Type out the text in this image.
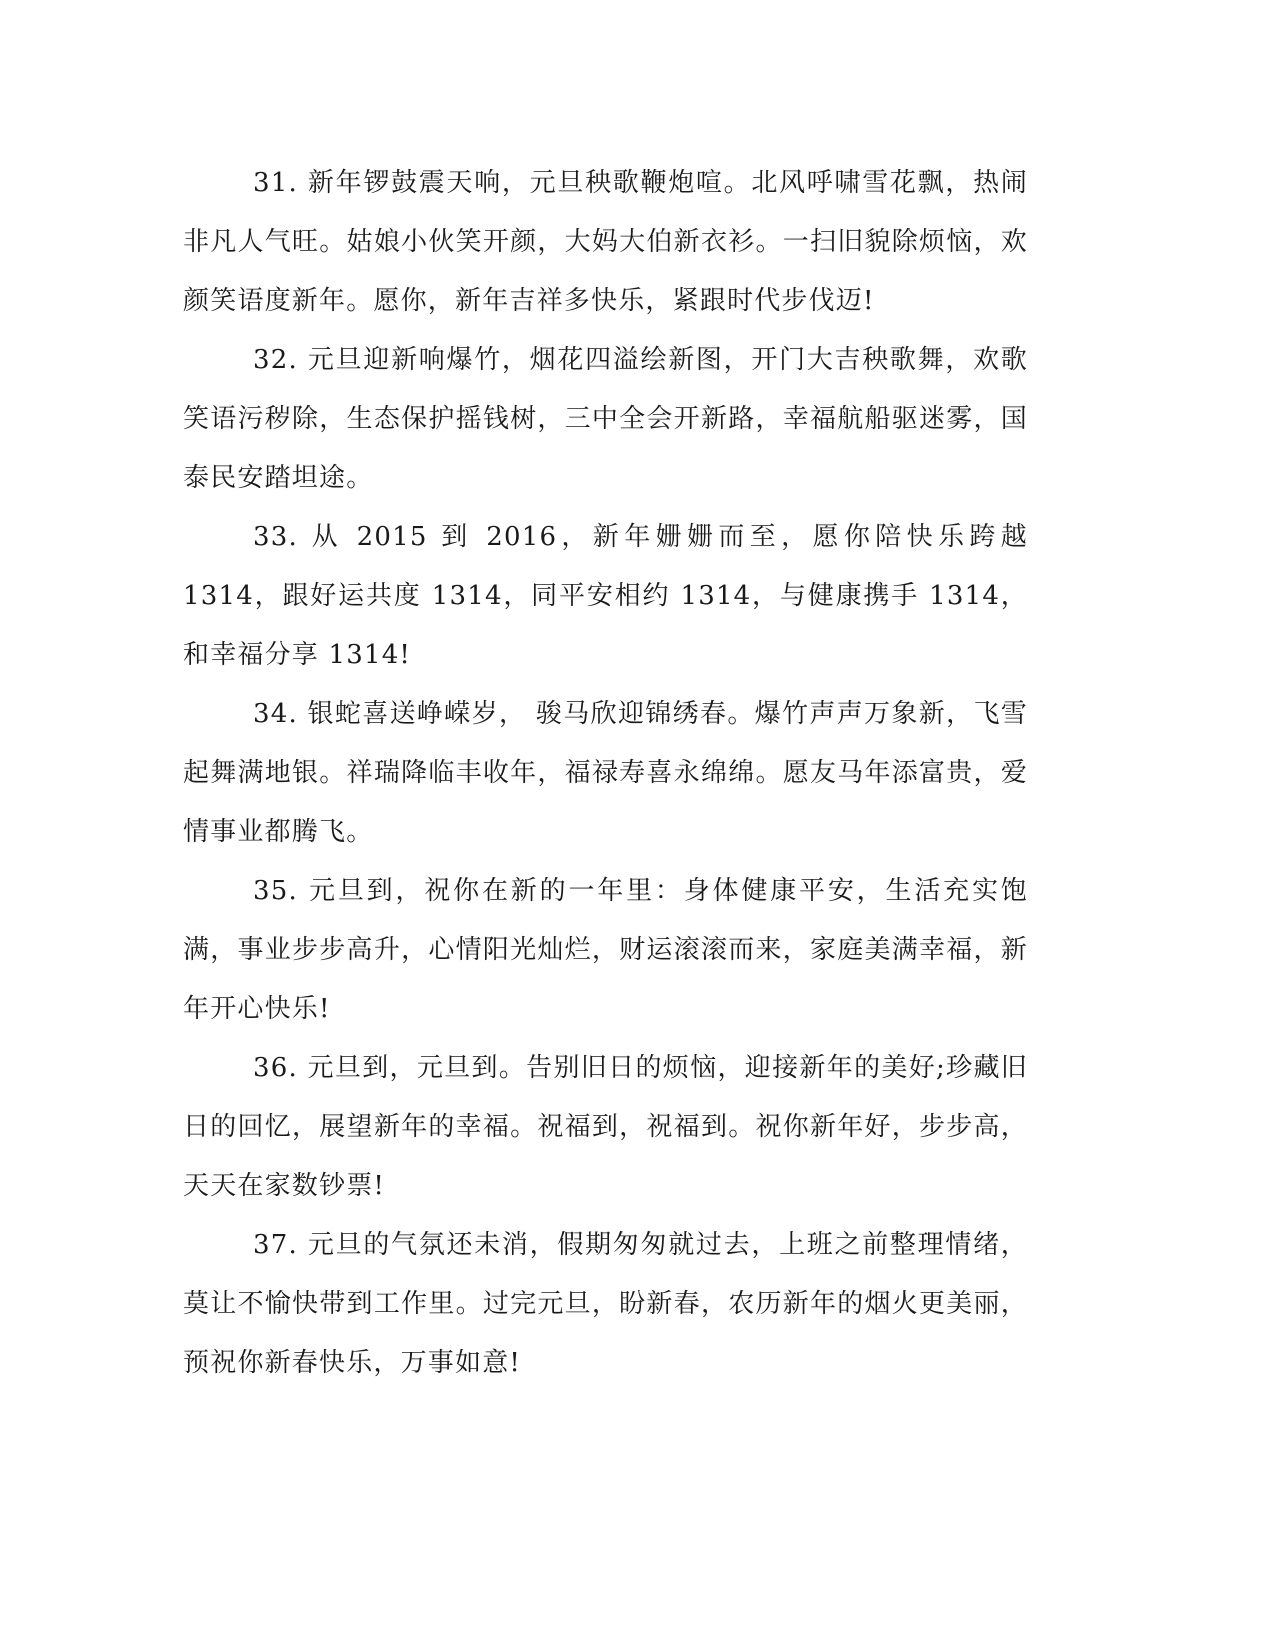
31. 新年锣鼓震天响，元旦秧歌鞭炮喧。北风呼啸雪花飘，热闹非凡人气旺。姑娘小伙笑开颜，大妈大伯新衣衫。一扫旧貌除烦恼，欢颜笑语度新年。愿你，新年吉祥多快乐，紧跟时代步伐迈!

32. 元旦迎新响爆竹，烟花四溢绘新图，开门大吉秧歌舞，欢歌笑语污秽除，生态保护摇钱树，三中全会开新路，幸福航船驱迷雾，国泰民安踏坦途。

33. 从 2015 到 2016，新年姗姗而至，愿你陪快乐跨越 1314，跟好运共度 1314，同平安相约 1314，与健康携手 1314，和幸福分享 1314!

34. 银蛇喜送峥嵘岁， 骏马欣迎锦绣春。爆竹声声万象新，飞雪起舞满地银。祥瑞降临丰收年，福禄寿喜永绵绵。愿友马年添富贵，爱情事业都腾飞。

35. 元旦到，祝你在新的一年里：身体健康平安，生活充实饱满，事业步步高升，心情阳光灿烂，财运滚滚而来，家庭美满幸福，新年开心快乐!

36. 元旦到，元旦到。告别旧日的烦恼，迎接新年的美好;珍藏旧日的回忆，展望新年的幸福。祝福到，祝福到。祝你新年好，步步高，天天在家数钞票!

37. 元旦的气氛还未消，假期匆匆就过去，上班之前整理情绪，莫让不愉快带到工作里。过完元旦，盼新春，农历新年的烟火更美丽，预祝你新春快乐，万事如意!
